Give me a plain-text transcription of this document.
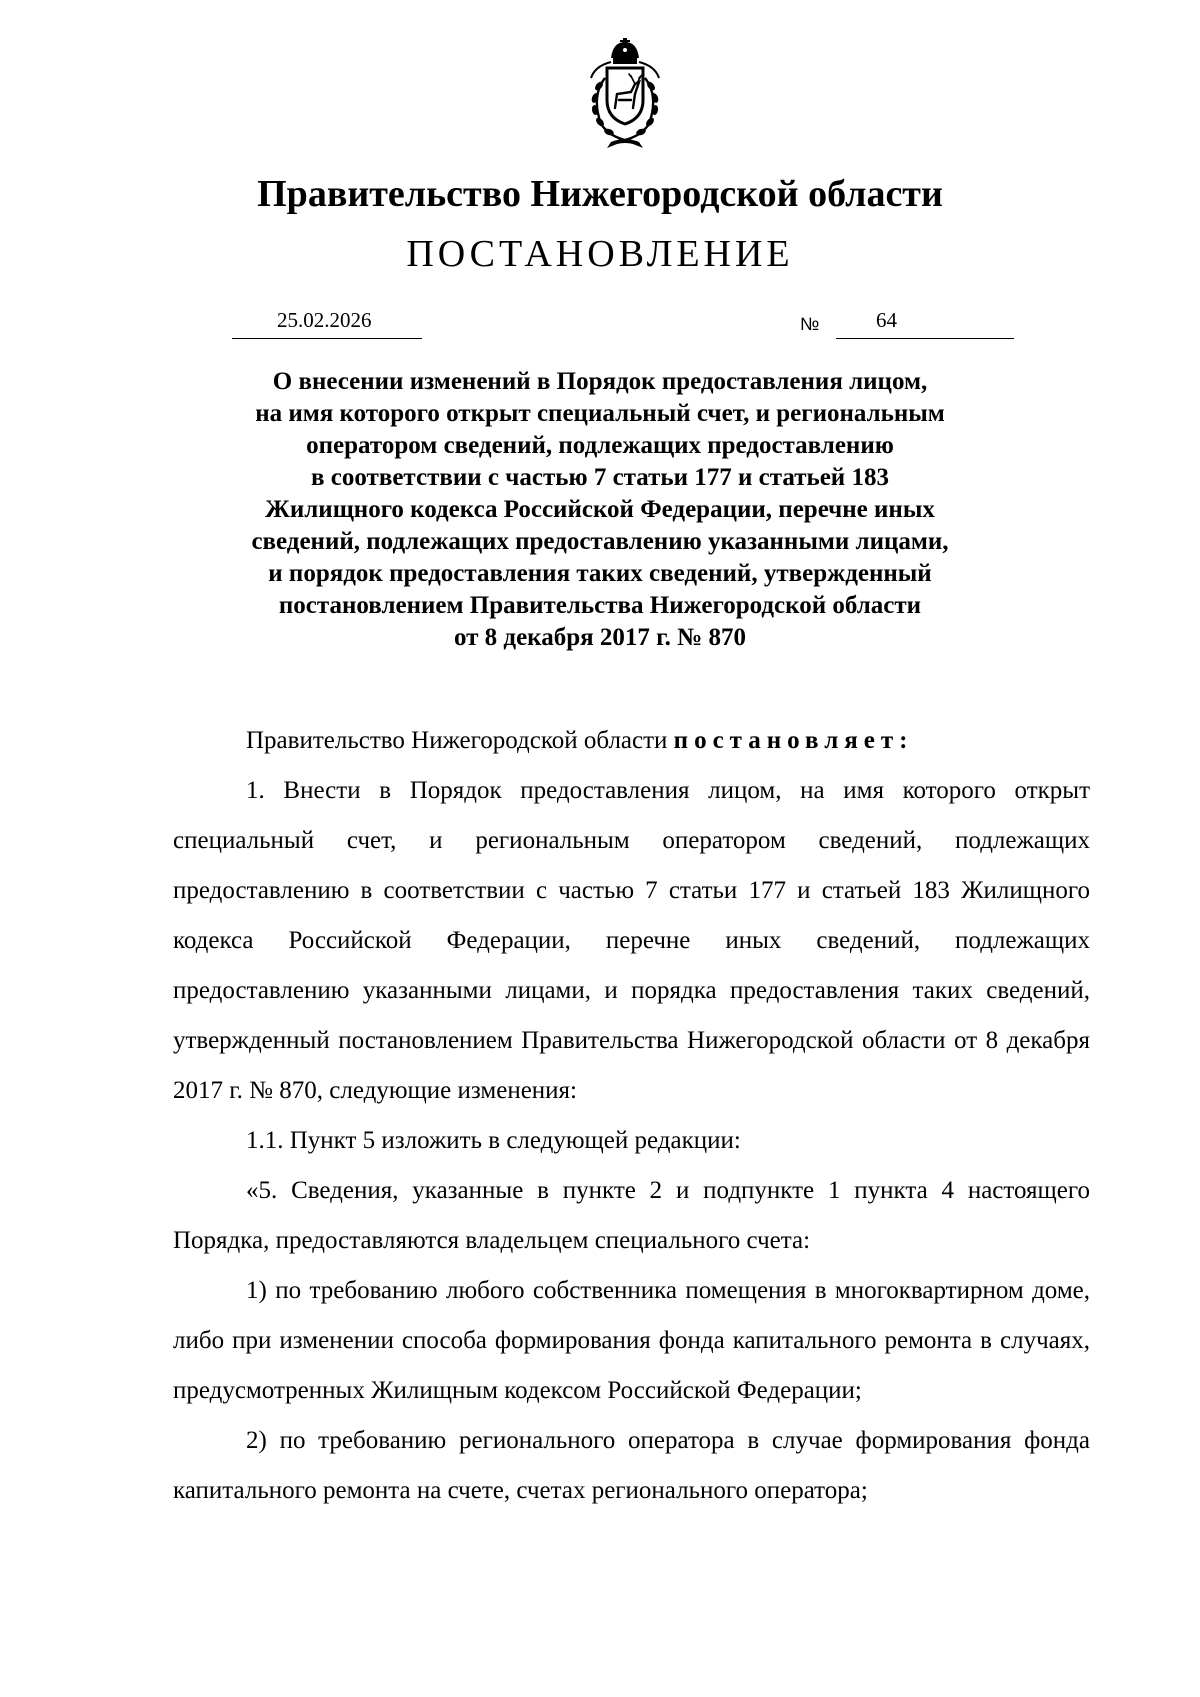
Правительство Нижегородской области
ПОСТАНОВЛЕНИЕ
25.02.2026	№	64
О внесении изменений в Порядок предоставления лицом,
на имя которого открыт специальный счет, и региональным
оператором сведений, подлежащих предоставлению
в соответствии с частью 7 статьи 177 и статьей 183
Жилищного кодекса Российской Федерации, перечне иных
сведений, подлежащих предоставлению указанными лицами,
и порядок предоставления таких сведений, утвержденный
постановлением Правительства Нижегородской области
от 8 декабря 2017 г. № 870

Правительство Нижегородской области постановляет:

1. Внести в Порядок предоставления лицом, на имя которого открыт специальный счет, и региональным оператором сведений, подлежащих предоставлению в соответствии с частью 7 статьи 177 и статьей 183 Жилищного кодекса Российской Федерации, перечне иных сведений, подлежащих предоставлению указанными лицами, и порядка предоставления таких сведений, утвержденный постановлением Правительства Нижегородской области от 8 декабря 2017 г. № 870, следующие изменения:

1.1. Пункт 5 изложить в следующей редакции:

«5. Сведения, указанные в пункте 2 и подпункте 1 пункта 4 настоящего Порядка, предоставляются владельцем специального счета:

1) по требованию любого собственника помещения в многоквартирном доме, либо при изменении способа формирования фонда капитального ремонта в случаях, предусмотренных Жилищным кодексом Российской Федерации;

2) по требованию регионального оператора в случае формирования фонда капитального ремонта на счете, счетах регионального оператора;
